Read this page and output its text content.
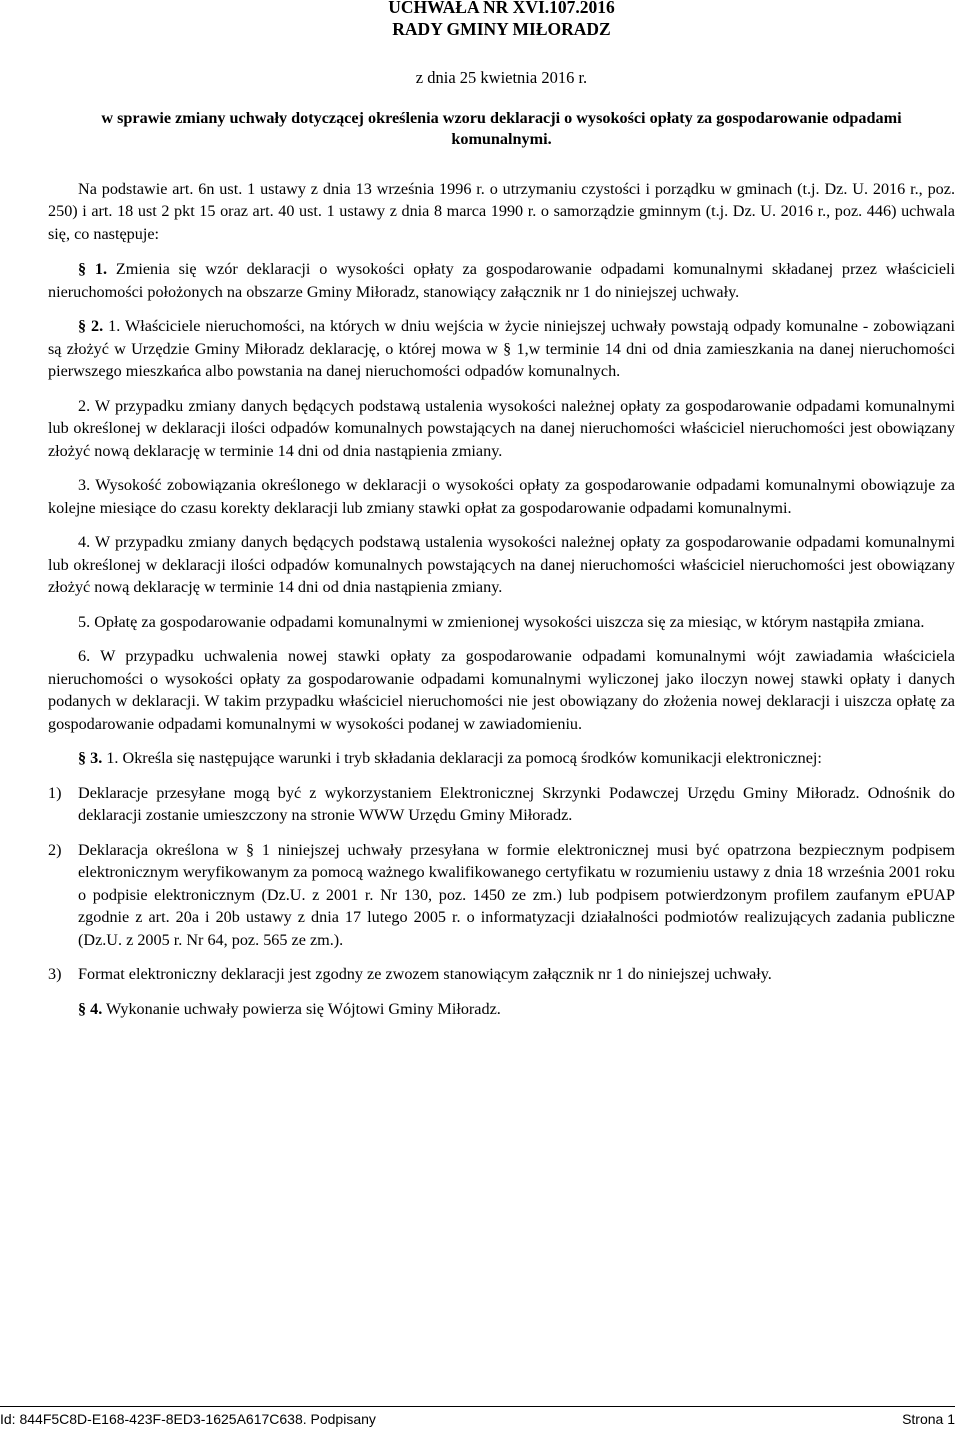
UCHWAŁA NR XVI.107.2016
RADY GMINY MIŁORADZ
z dnia 25 kwietnia 2016 r.
w sprawie zmiany uchwały dotyczącej określenia wzoru deklaracji o wysokości opłaty za gospodarowanie odpadami komunalnymi.

Na podstawie art. 6n ust. 1 ustawy z dnia 13 września 1996 r. o utrzymaniu czystości i porządku w gminach (t.j. Dz. U. 2016 r., poz. 250) i art. 18 ust 2 pkt 15 oraz art. 40 ust. 1 ustawy z dnia 8 marca 1990 r. o samorządzie gminnym (t.j. Dz. U. 2016 r., poz. 446) uchwala się, co następuje:

§ 1. Zmienia się wzór deklaracji o wysokości opłaty za gospodarowanie odpadami komunalnymi składanej przez właścicieli nieruchomości położonych na obszarze Gminy Miłoradz, stanowiący załącznik nr 1 do niniejszej uchwały.

§ 2. 1. Właściciele nieruchomości, na których w dniu wejścia w życie niniejszej uchwały powstają odpady komunalne - zobowiązani są złożyć w Urzędzie Gminy Miłoradz deklarację, o której mowa w § 1,w terminie 14 dni od dnia zamieszkania na danej nieruchomości pierwszego mieszkańca albo powstania na danej nieruchomości odpadów komunalnych.

2. W przypadku zmiany danych będących podstawą ustalenia wysokości należnej opłaty za gospodarowanie odpadami komunalnymi lub określonej w deklaracji ilości odpadów komunalnych powstających na danej nieruchomości właściciel nieruchomości jest obowiązany złożyć nową deklarację w terminie 14 dni od dnia nastąpienia zmiany.

3. Wysokość zobowiązania określonego w deklaracji o wysokości opłaty za gospodarowanie odpadami komunalnymi obowiązuje za kolejne miesiące do czasu korekty deklaracji lub zmiany stawki opłat za gospodarowanie odpadami komunalnymi.

4. W przypadku zmiany danych będących podstawą ustalenia wysokości należnej opłaty za gospodarowanie odpadami komunalnymi lub określonej w deklaracji ilości odpadów komunalnych powstających na danej nieruchomości właściciel nieruchomości jest obowiązany złożyć nową deklarację w terminie 14 dni od dnia nastąpienia zmiany.

5. Opłatę za gospodarowanie odpadami komunalnymi w zmienionej wysokości uiszcza się za miesiąc, w którym nastąpiła zmiana.

6. W przypadku uchwalenia nowej stawki opłaty za gospodarowanie odpadami komunalnymi wójt zawiadamia właściciela nieruchomości o wysokości opłaty za gospodarowanie odpadami komunalnymi wyliczonej jako iloczyn nowej stawki opłaty i danych podanych w deklaracji. W takim przypadku właściciel nieruchomości nie jest obowiązany do złożenia nowej deklaracji i uiszcza opłatę za gospodarowanie odpadami komunalnymi w wysokości podanej w zawiadomieniu.

§ 3. 1. Określa się następujące warunki i tryb składania deklaracji za pomocą środków komunikacji elektronicznej:

1)	Deklaracje przesyłane mogą być z wykorzystaniem Elektronicznej Skrzynki Podawczej Urzędu Gminy Miłoradz. Odnośnik do deklaracji zostanie umieszczony na stronie WWW Urzędu Gminy Miłoradz.
2)	Deklaracja określona w § 1 niniejszej uchwały przesyłana w formie elektronicznej musi być opatrzona bezpiecznym podpisem elektronicznym weryfikowanym za pomocą ważnego kwalifikowanego certyfikatu w rozumieniu ustawy z dnia 18 września 2001 roku o podpisie elektronicznym (Dz.U. z 2001 r. Nr 130, poz. 1450 ze zm.) lub podpisem potwierdzonym profilem zaufanym ePUAP zgodnie z art. 20a i 20b ustawy z dnia 17 lutego 2005 r. o informatyzacji działalności podmiotów realizujących zadania publiczne (Dz.U. z 2005 r. Nr 64, poz. 565 ze zm.).
3)	Format elektroniczny deklaracji jest zgodny ze zwozem stanowiącym załącznik nr 1 do niniejszej uchwały.

§ 4. Wykonanie uchwały powierza się Wójtowi Gminy Miłoradz.

Id: 844F5C8D-E168-423F-8ED3-1625A617C638. Podpisany	Strona 1
